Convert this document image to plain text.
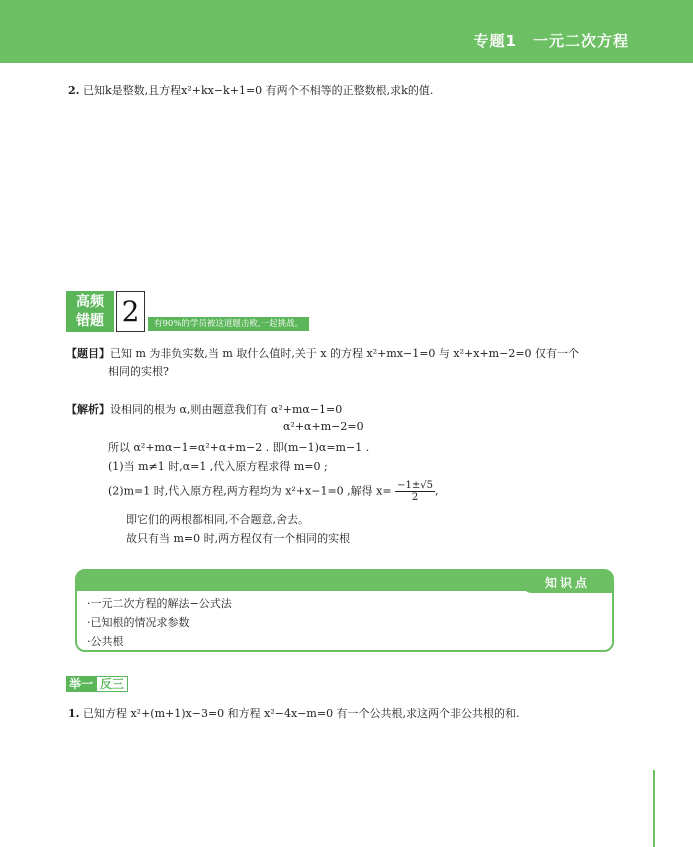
专题1　一元二次方程
2. 已知k是整数,且方程x²+kx−k+1=0 有两个不相等的正整数根,求k的值.
高频
错题 2	有90%的学员被这道题击败,一起挑战。
【题目】已知 m 为非负实数,当 m 取什么值时,关于 x 的方程 x²+mx−1=0 与 x²+x+m−2=0 仅有一个
相同的实根?
【解析】设相同的根为 α,则由题意我们有 α²+mα−1=0
α²+α+m−2=0
所以 α²+mα−1=α²+α+m−2 . 即(m−1)α=m−1 .
(1)当 m≠1 时,α=1 ,代入原方程求得 m=0 ;
(2)m=1 时,代入原方程,两方程均为 x²+x−1=0 ,解得 $x= \frac{-1\pm√5}{2}$ ,
即它们的两根都相同,不合题意,舍去。
故只有当 m=0 时,两方程仅有一个相同的实根
知识点
·一元二次方程的解法−公式法
·已知根的情况求参数
·公共根
举一 反三
1. 已知方程 x²+(m+1)x−3=0 和方程 x²−4x−m=0 有一个公共根,求这两个非公共根的和.
